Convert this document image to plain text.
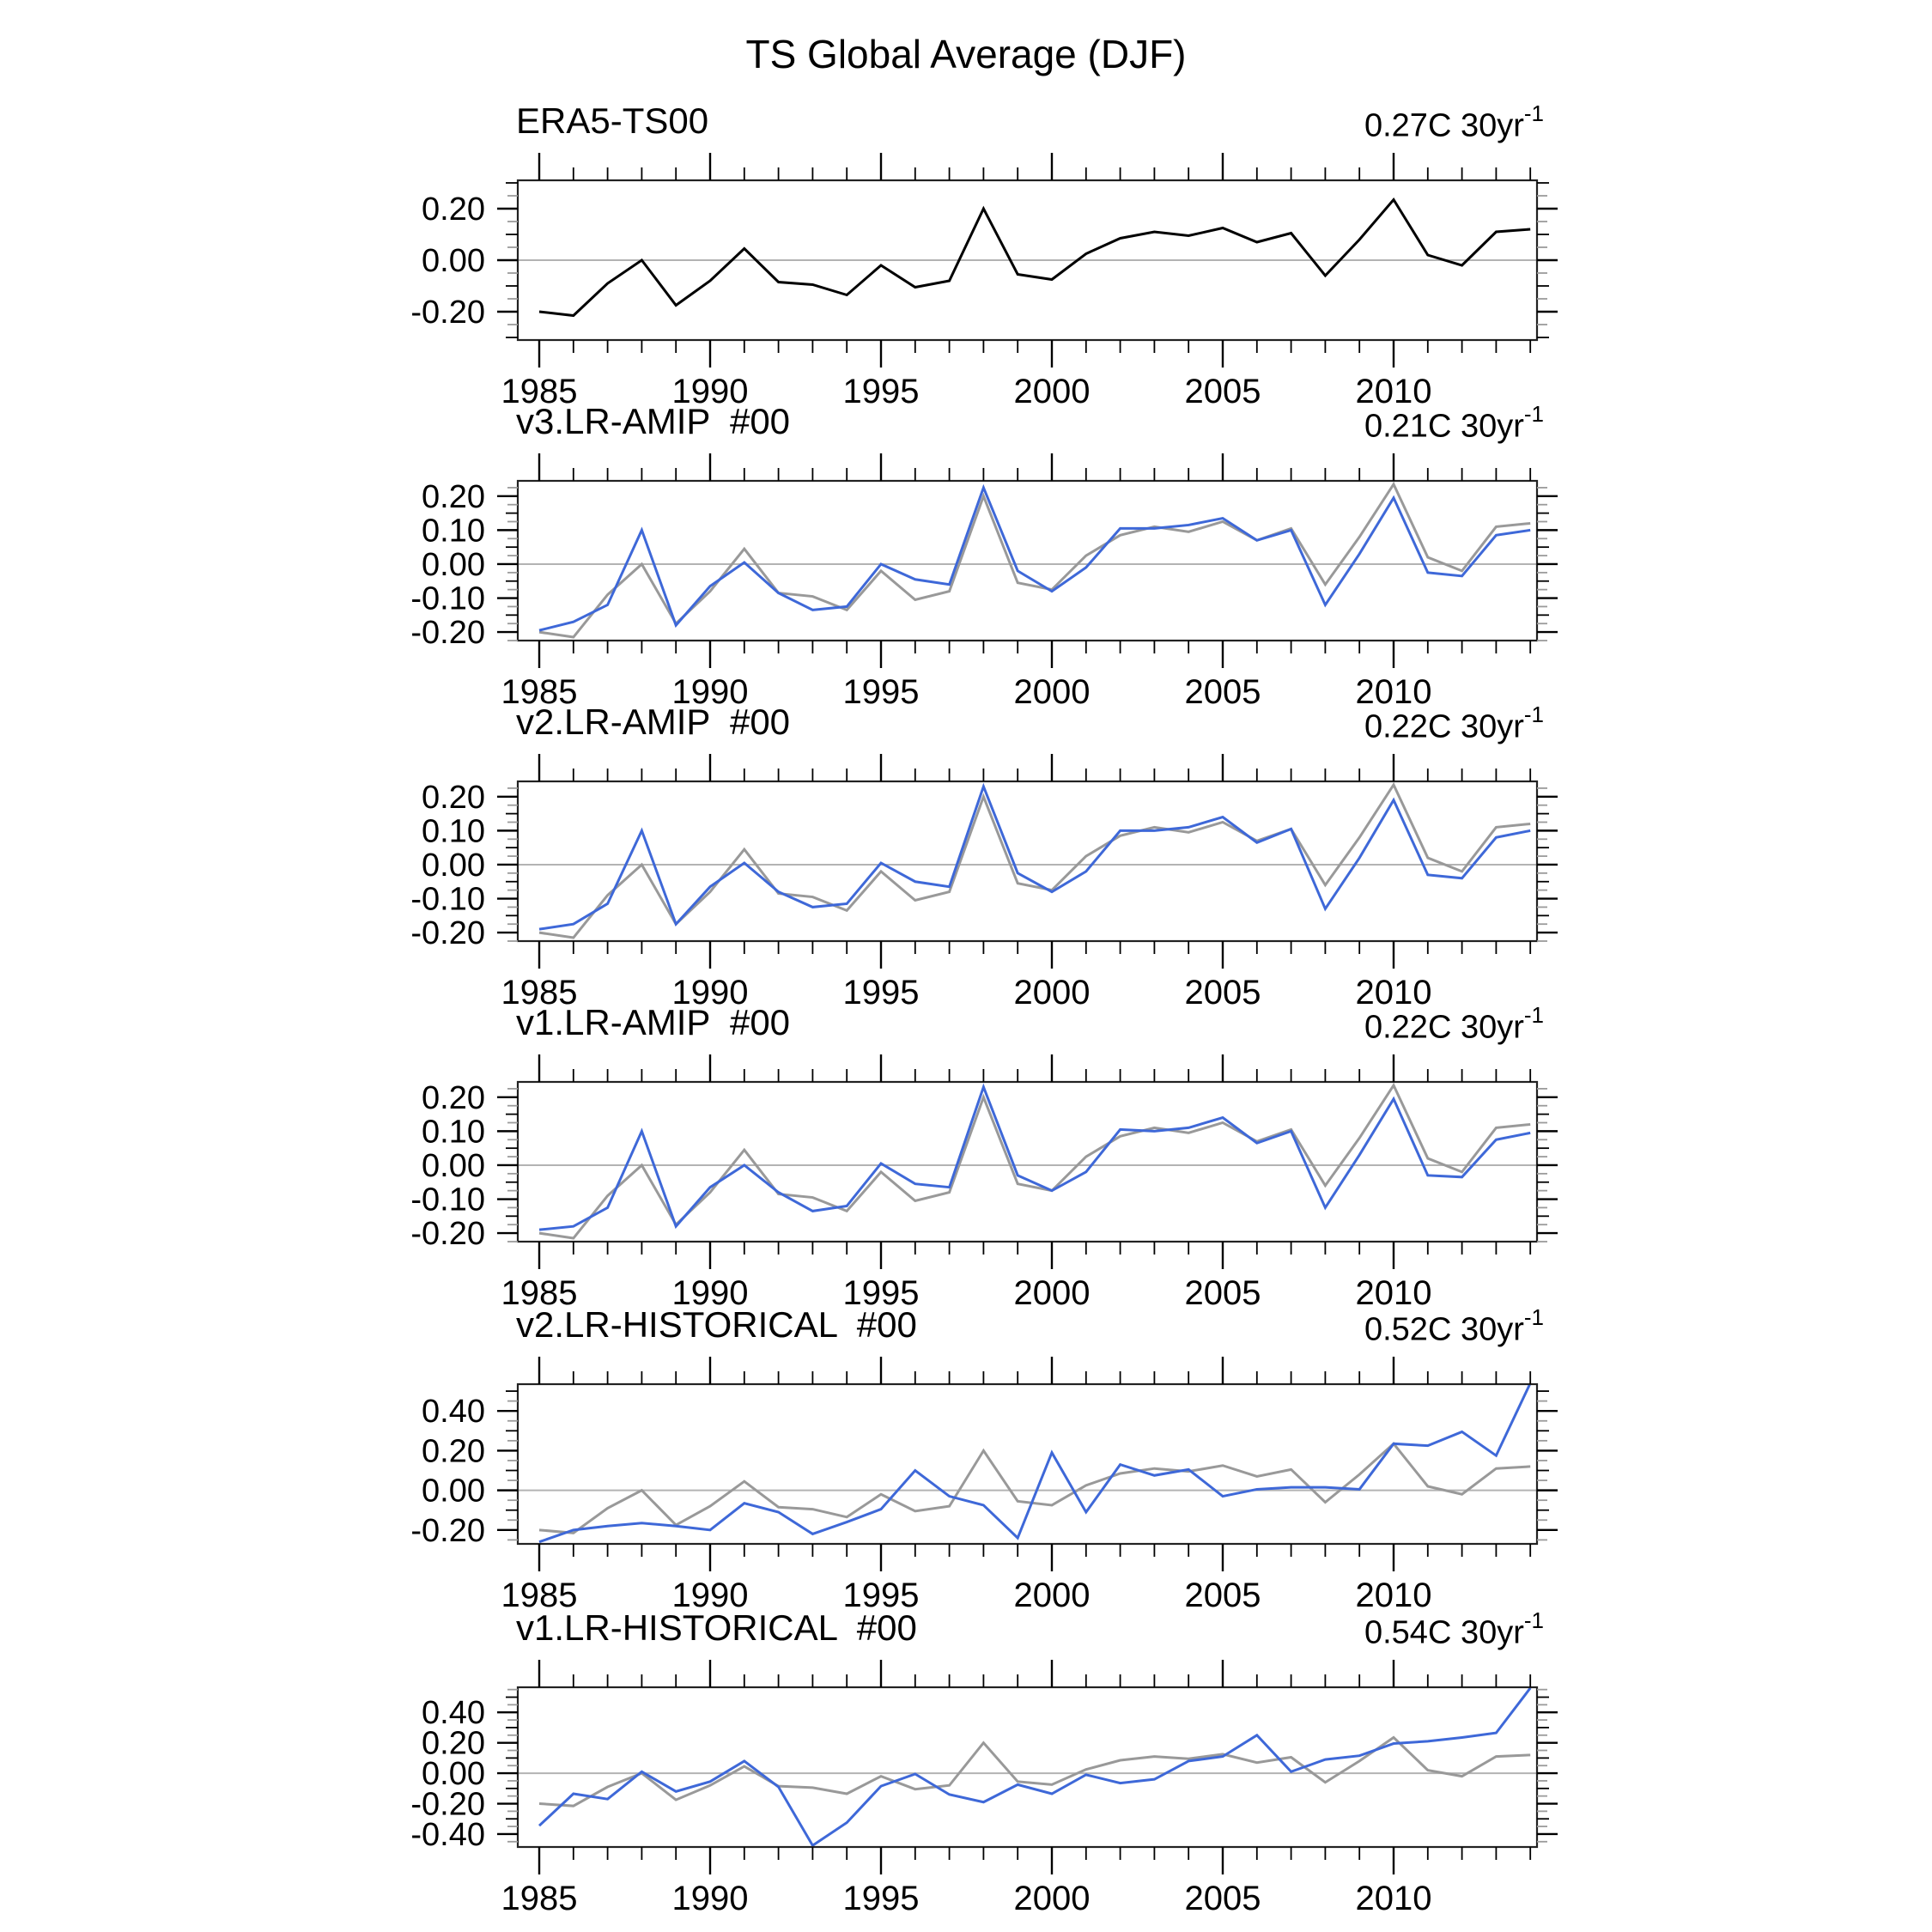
TS Global Average (DJF)
1985	1990	1995	2000	2005	2010
0.20
0.00
-0.20
ERA5-TS00	0.27C $30yr^{-1}$
1985	1990	1995	2000	2005	2010
0.20
0.10
0.00
-0.10
-0.20
v3.LR-AMIP  #00	0.21C $30yr^{-1}$
1985	1990	1995	2000	2005	2010
0.20
0.10
0.00
-0.10
-0.20
v2.LR-AMIP  #00	0.22C $30yr^{-1}$
1985	1990	1995	2000	2005	2010
0.20
0.10
0.00
-0.10
-0.20
v1.LR-AMIP  #00	0.22C $30yr^{-1}$
1985	1990	1995	2000	2005	2010
0.40
0.20
0.00
-0.20
v2.LR-HISTORICAL  #00	0.52C $30yr^{-1}$
1985	1990	1995	2000	2005	2010
0.40
0.20
0.00
-0.20
-0.40
v1.LR-HISTORICAL  #00	0.54C $30yr^{-1}$
